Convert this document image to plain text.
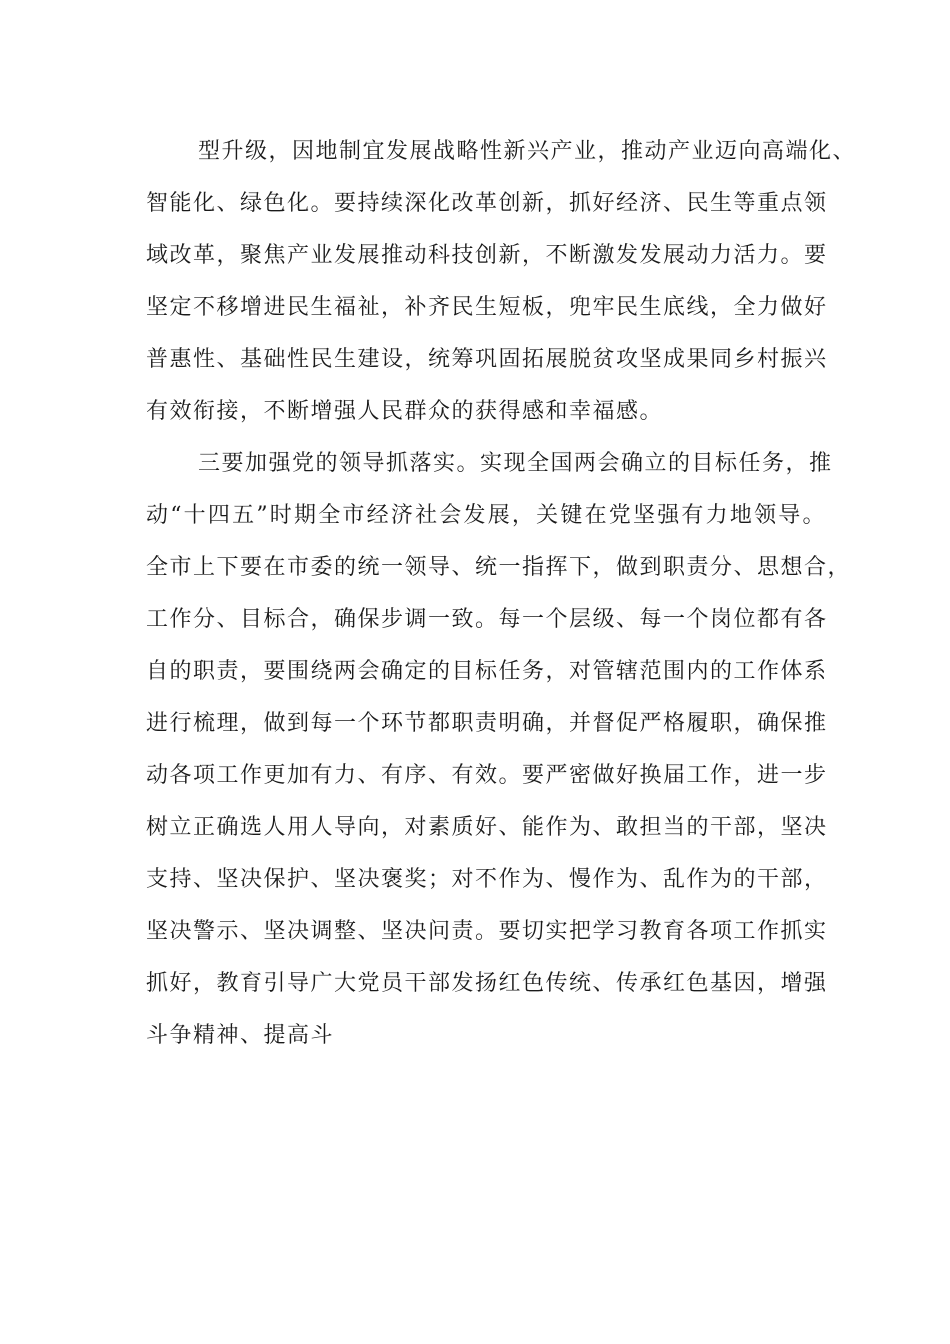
型升级，因地制宜发展战略性新兴产业，推动产业迈向高端化、
智能化、绿色化。要持续深化改革创新，抓好经济、民生等重点领
域改革，聚焦产业发展推动科技创新，不断激发发展动力活力。要
坚定不移增进民生福祉，补齐民生短板，兜牢民生底线，全力做好
普惠性、基础性民生建设，统筹巩固拓展脱贫攻坚成果同乡村振兴
有效衔接，不断增强人民群众的获得感和幸福感。
三要加强党的领导抓落实。实现全国两会确立的目标任务，推
动“十四五”时期全市经济社会发展，关键在党坚强有力地领导。
全市上下要在市委的统一领导、统一指挥下，做到职责分、思想合，
工作分、目标合，确保步调一致。每一个层级、每一个岗位都有各
自的职责，要围绕两会确定的目标任务，对管辖范围内的工作体系
进行梳理，做到每一个环节都职责明确，并督促严格履职，确保推
动各项工作更加有力、有序、有效。要严密做好换届工作，进一步
树立正确选人用人导向，对素质好、能作为、敢担当的干部，坚决
支持、坚决保护、坚决褒奖；对不作为、慢作为、乱作为的干部，
坚决警示、坚决调整、坚决问责。要切实把学习教育各项工作抓实
抓好，教育引导广大党员干部发扬红色传统、传承红色基因，增强
斗争精神、提高斗
